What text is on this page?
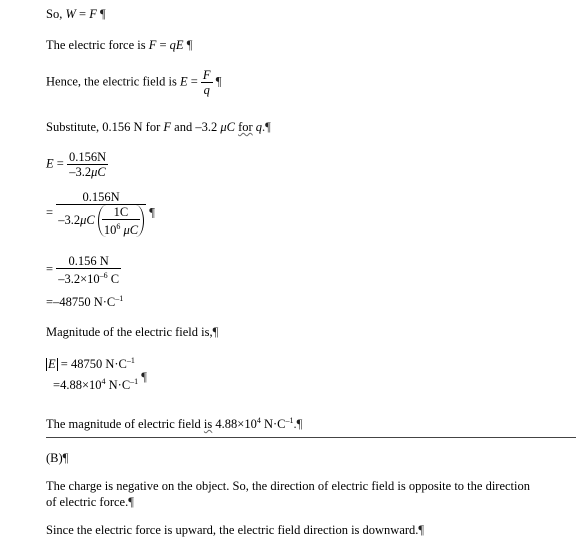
So, W = F ¶
The electric force is F = qE ¶
Hence, the electric field is $E = \frac{F}{q}$ ¶
Substitute, 0.156 N for F and –3.2 μC for q.¶
$E = \frac{0.156N}{-3.2\mu C}$
= $\frac{0.156N}{-3.2\mu C \frac{1C}{10^6 \mu C}}$ ¶
= $\frac{0.156 N}{-3.2\times 10^{-6} C}$
=–48750 $N\cdot C^{-1}$
Magnitude of the electric field is,¶
E = 48750 $N\cdot C^{-1}$
$=4.88\times 10^4$ $N\cdot C^{-1}$ ¶
The magnitude of electric field is $4.88\times 10^4$ $N\cdot C^{-1}.\P$
(B)¶
The charge is negative on the object. So, the direction of electric field is opposite to the direction
of electric force.¶
Since the electric force is upward, the electric field direction is downward.¶
